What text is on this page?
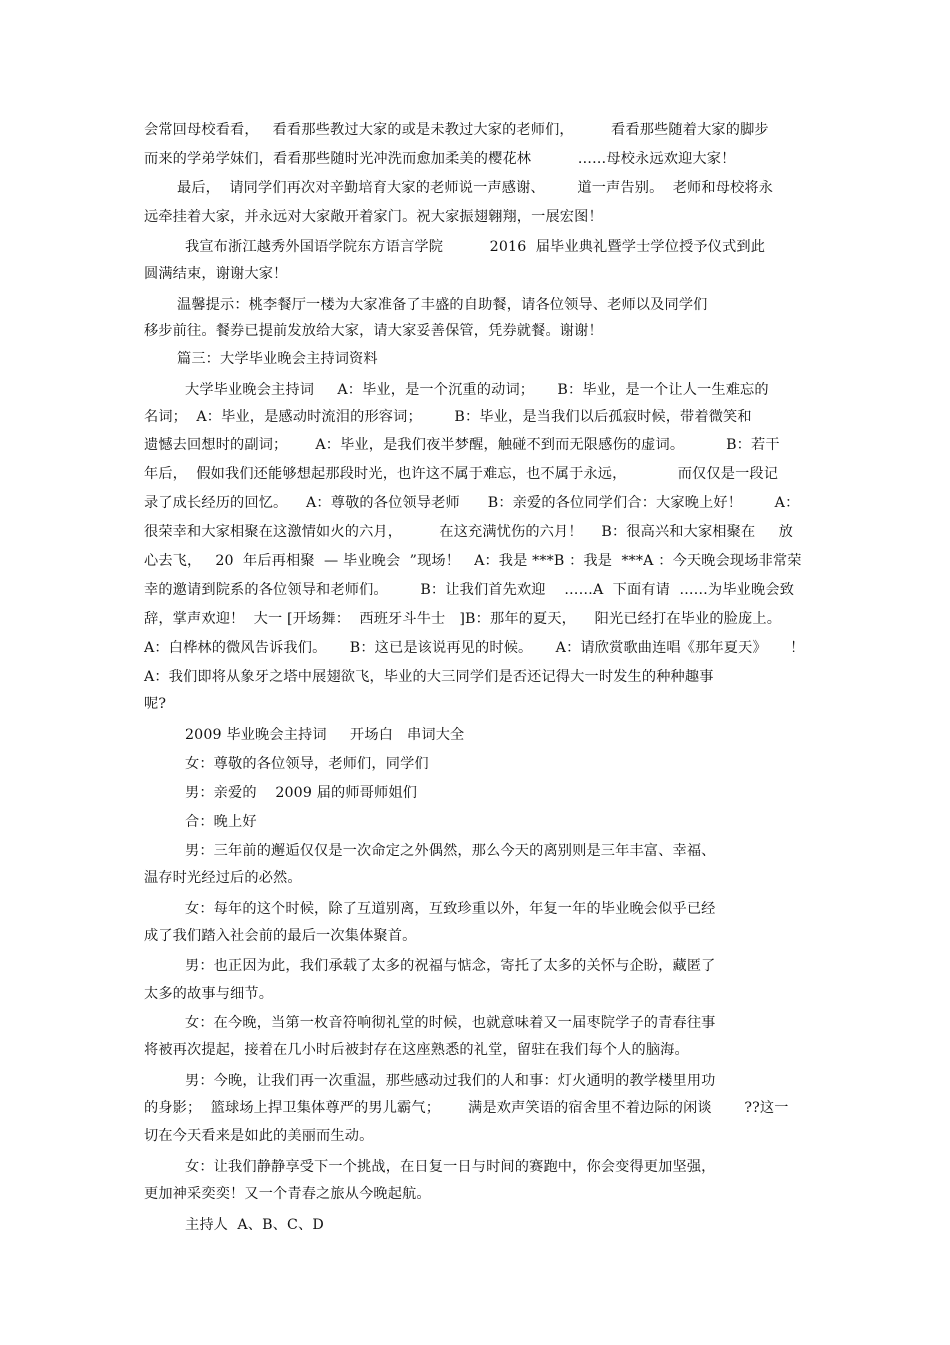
会常回母校看看，   看看那些教过大家的或是未教过大家的老师们，        看看那些随着大家的脚步
而来的学弟学妹们，看看那些随时光冲洗而愈加柔美的樱花林          ……母校永远欢迎大家！
最后，  请同学们再次对辛勤培育大家的老师说一声感谢、       道一声告别。  老师和母校将永
远牵挂着大家，并永远对大家敞开着家门。祝大家振翅翱翔，一展宏图！
我宣布浙江越秀外国语学院东方语言学院          2016  届毕业典礼暨学士学位授予仪式到此
圆满结束，谢谢大家！
温馨提示：桃李餐厅一楼为大家准备了丰盛的自助餐，请各位领导、老师以及同学们
移步前往。餐券已提前发放给大家，请大家妥善保管，凭券就餐。谢谢！
篇三：大学毕业晚会主持词资料
大学毕业晚会主持词     A：毕业，是一个沉重的动词；     B：毕业，是一个让人一生难忘的
名词；  A：毕业，是感动时流泪的形容词；       B：毕业，是当我们以后孤寂时候，带着微笑和
遗憾去回想时的副词；      A：毕业，是我们夜半梦醒，触碰不到而无限感伤的虚词。         B：若干
年后，  假如我们还能够想起那段时光，也许这不属于难忘，也不属于永远，           而仅仅是一段记
录了成长经历的回忆。    A：尊敬的各位领导老师      B：亲爱的各位同学们合：大家晚上好！       A：
很荣幸和大家相聚在这激情如火的六月，        在这充满忧伤的六月！    B：很高兴和大家相聚在     放
心去飞，   20  年后再相聚  — 毕业晚会  ”现场！   A：我是 ***B ：我是  ***A ：今天晚会现场非常荣
幸的邀请到院系的各位领导和老师们。       B：让我们首先欢迎    ……A  下面有请  ……为毕业晚会致
辞，掌声欢迎！  大一 [开场舞：  西班牙斗牛士   ]B：那年的夏天，    阳光已经打在毕业的脸庞上。
A：白桦林的微风告诉我们。     B：这已是该说再见的时候。     A：请欣赏歌曲连唱《那年夏天》     ！
A：我们即将从象牙之塔中展翅欲飞，毕业的大三同学们是否还记得大一时发生的种种趣事
呢?
2009 毕业晚会主持词     开场白   串词大全
女：尊敬的各位领导，老师们，同学们
男：亲爱的    2009 届的师哥师姐们
合：晚上好
男：三年前的邂逅仅仅是一次命定之外偶然，那么今天的离别则是三年丰富、幸福、
温存时光经过后的必然。
女：每年的这个时候，除了互道别离，互致珍重以外，年复一年的毕业晚会似乎已经
成了我们踏入社会前的最后一次集体聚首。
男：也正因为此，我们承载了太多的祝福与惦念，寄托了太多的关怀与企盼，藏匿了
太多的故事与细节。
女：在今晚，当第一枚音符响彻礼堂的时候，也就意味着又一届枣院学子的青春往事
将被再次提起，接着在几小时后被封存在这座熟悉的礼堂，留驻在我们每个人的脑海。
男：今晚，让我们再一次重温，那些感动过我们的人和事：灯火通明的教学楼里用功
的身影；  篮球场上捍卫集体尊严的男儿霸气；      满是欢声笑语的宿舍里不着边际的闲谈       ??这一
切在今天看来是如此的美丽而生动。
女：让我们静静享受下一个挑战，在日复一日与时间的赛跑中，你会变得更加坚强，
更加神采奕奕！又一个青春之旅从今晚起航。
主持人  A、B、C、D
